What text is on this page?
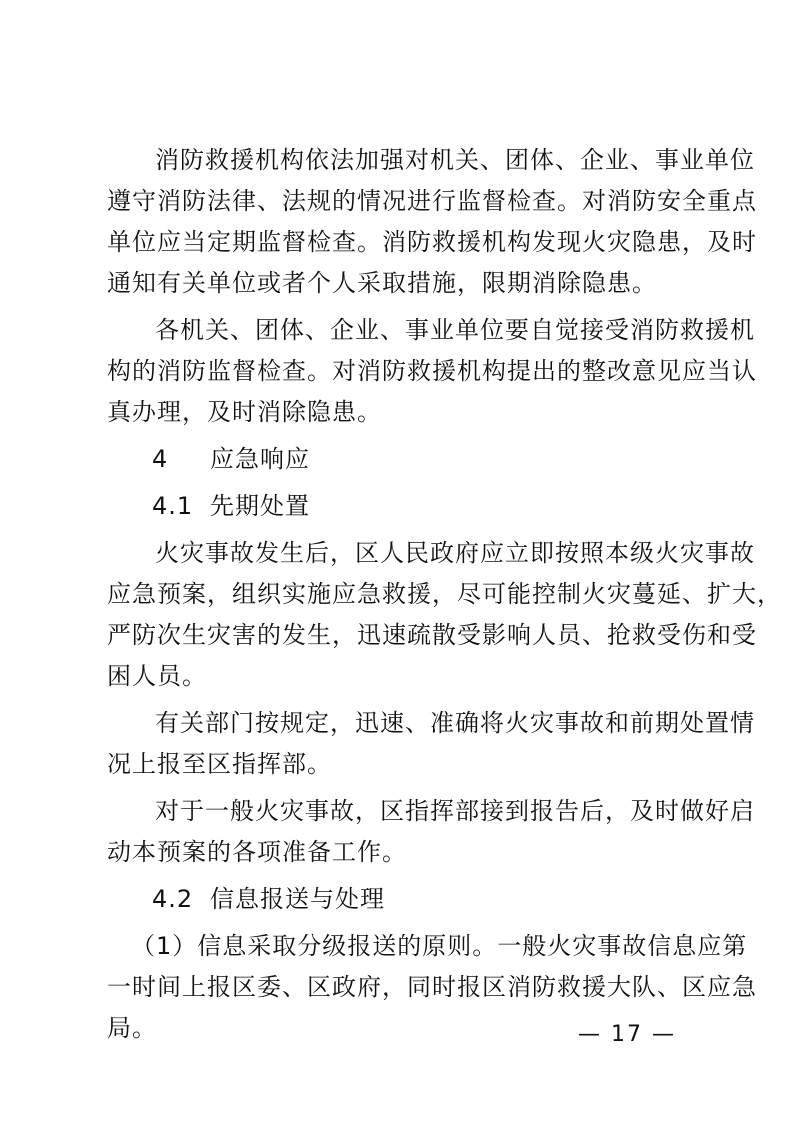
消防救援机构依法加强对机关、团体、企业、事业单位
遵守消防法律、法规的情况进行监督检查。对消防安全重点
单位应当定期监督检查。消防救援机构发现火灾隐患，及时
通知有关单位或者个人采取措施，限期消除隐患。
各机关、团体、企业、事业单位要自觉接受消防救援机
构的消防监督检查。对消防救援机构提出的整改意见应当认
真办理，及时消除隐患。
4 应急响应
4.1 先期处置
火灾事故发生后，区人民政府应立即按照本级火灾事故
应急预案，组织实施应急救援，尽可能控制火灾蔓延、扩大，
严防次生灾害的发生，迅速疏散受影响人员、抢救受伤和受
困人员。
有关部门按规定，迅速、准确将火灾事故和前期处置情
况上报至区指挥部。
对于一般火灾事故，区指挥部接到报告后，及时做好启
动本预案的各项准备工作。
4.2 信息报送与处理
（1）信息采取分级报送的原则。一般火灾事故信息应第
一时间上报区委、区政府，同时报区消防救援大队、区应急
局。	— 17 —
